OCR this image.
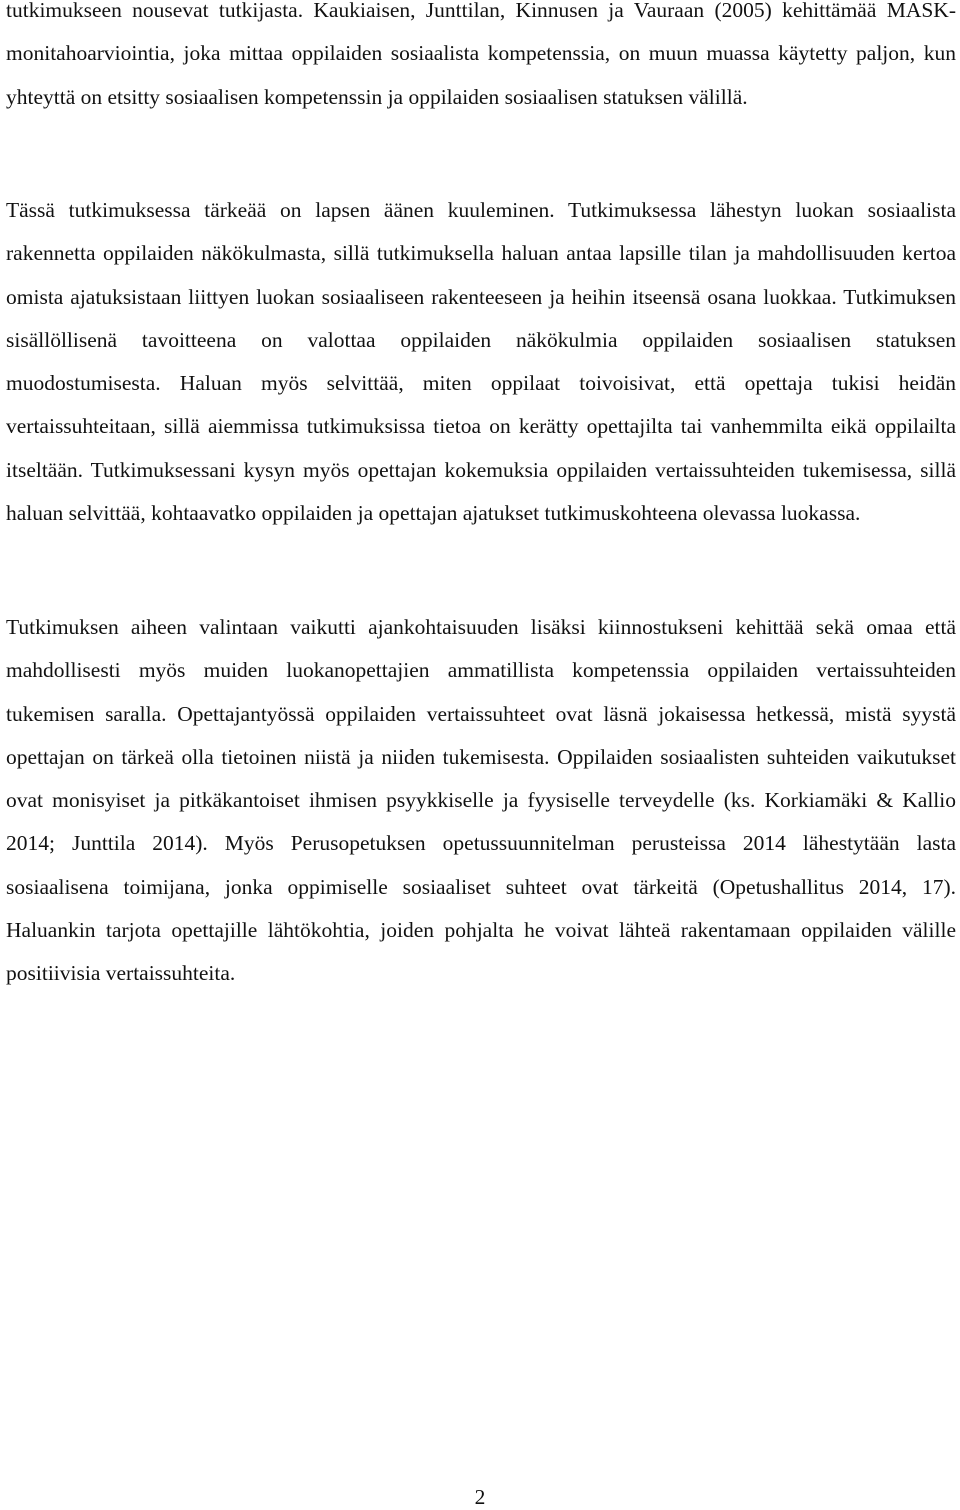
tutkimukseen nousevat tutkijasta. Kaukiaisen, Junttilan, Kinnusen ja Vauraan (2005) kehittämää MASK-monitahoarviointia, joka mittaa oppilaiden sosiaalista kompetenssia, on muun muassa käytetty paljon, kun yhteyttä on etsitty sosiaalisen kompetenssin ja oppilaiden sosiaalisen statuksen välillä.

Tässä tutkimuksessa tärkeää on lapsen äänen kuuleminen. Tutkimuksessa lähestyn luokan sosiaalista rakennetta oppilaiden näkökulmasta, sillä tutkimuksella haluan antaa lapsille tilan ja mahdollisuuden kertoa omista ajatuksistaan liittyen luokan sosiaaliseen rakenteeseen ja heihin itseensä osana luokkaa. Tutkimuksen sisällöllisenä tavoitteena on valottaa oppilaiden näkökulmia oppilaiden sosiaalisen statuksen muodostumisesta. Haluan myös selvittää, miten oppilaat toivoisivat, että opettaja tukisi heidän vertaissuhteitaan, sillä aiemmissa tutkimuksissa tietoa on kerätty opettajilta tai vanhemmilta eikä oppilailta itseltään. Tutkimuksessani kysyn myös opettajan kokemuksia oppilaiden vertaissuhteiden tukemisessa, sillä haluan selvittää, kohtaavatko oppilaiden ja opettajan ajatukset tutkimuskohteena olevassa luokassa.

Tutkimuksen aiheen valintaan vaikutti ajankohtaisuuden lisäksi kiinnostukseni kehittää sekä omaa että mahdollisesti myös muiden luokanopettajien ammatillista kompetenssia oppilaiden vertaissuhteiden tukemisen saralla. Opettajantyössä oppilaiden vertaissuhteet ovat läsnä jokaisessa hetkessä, mistä syystä opettajan on tärkeä olla tietoinen niistä ja niiden tukemisesta. Oppilaiden sosiaalisten suhteiden vaikutukset ovat monisyiset ja pitkäkantoiset ihmisen psyykkiselle ja fyysiselle terveydelle (ks. Korkiamäki & Kallio 2014; Junttila 2014). Myös Perusopetuksen opetussuunnitelman perusteissa 2014 lähestytään lasta sosiaalisena toimijana, jonka oppimiselle sosiaaliset suhteet ovat tärkeitä (Opetushallitus 2014, 17). Haluankin tarjota opettajille lähtökohtia, joiden pohjalta he voivat lähteä rakentamaan oppilaiden välille positiivisia vertaissuhteita.

2
